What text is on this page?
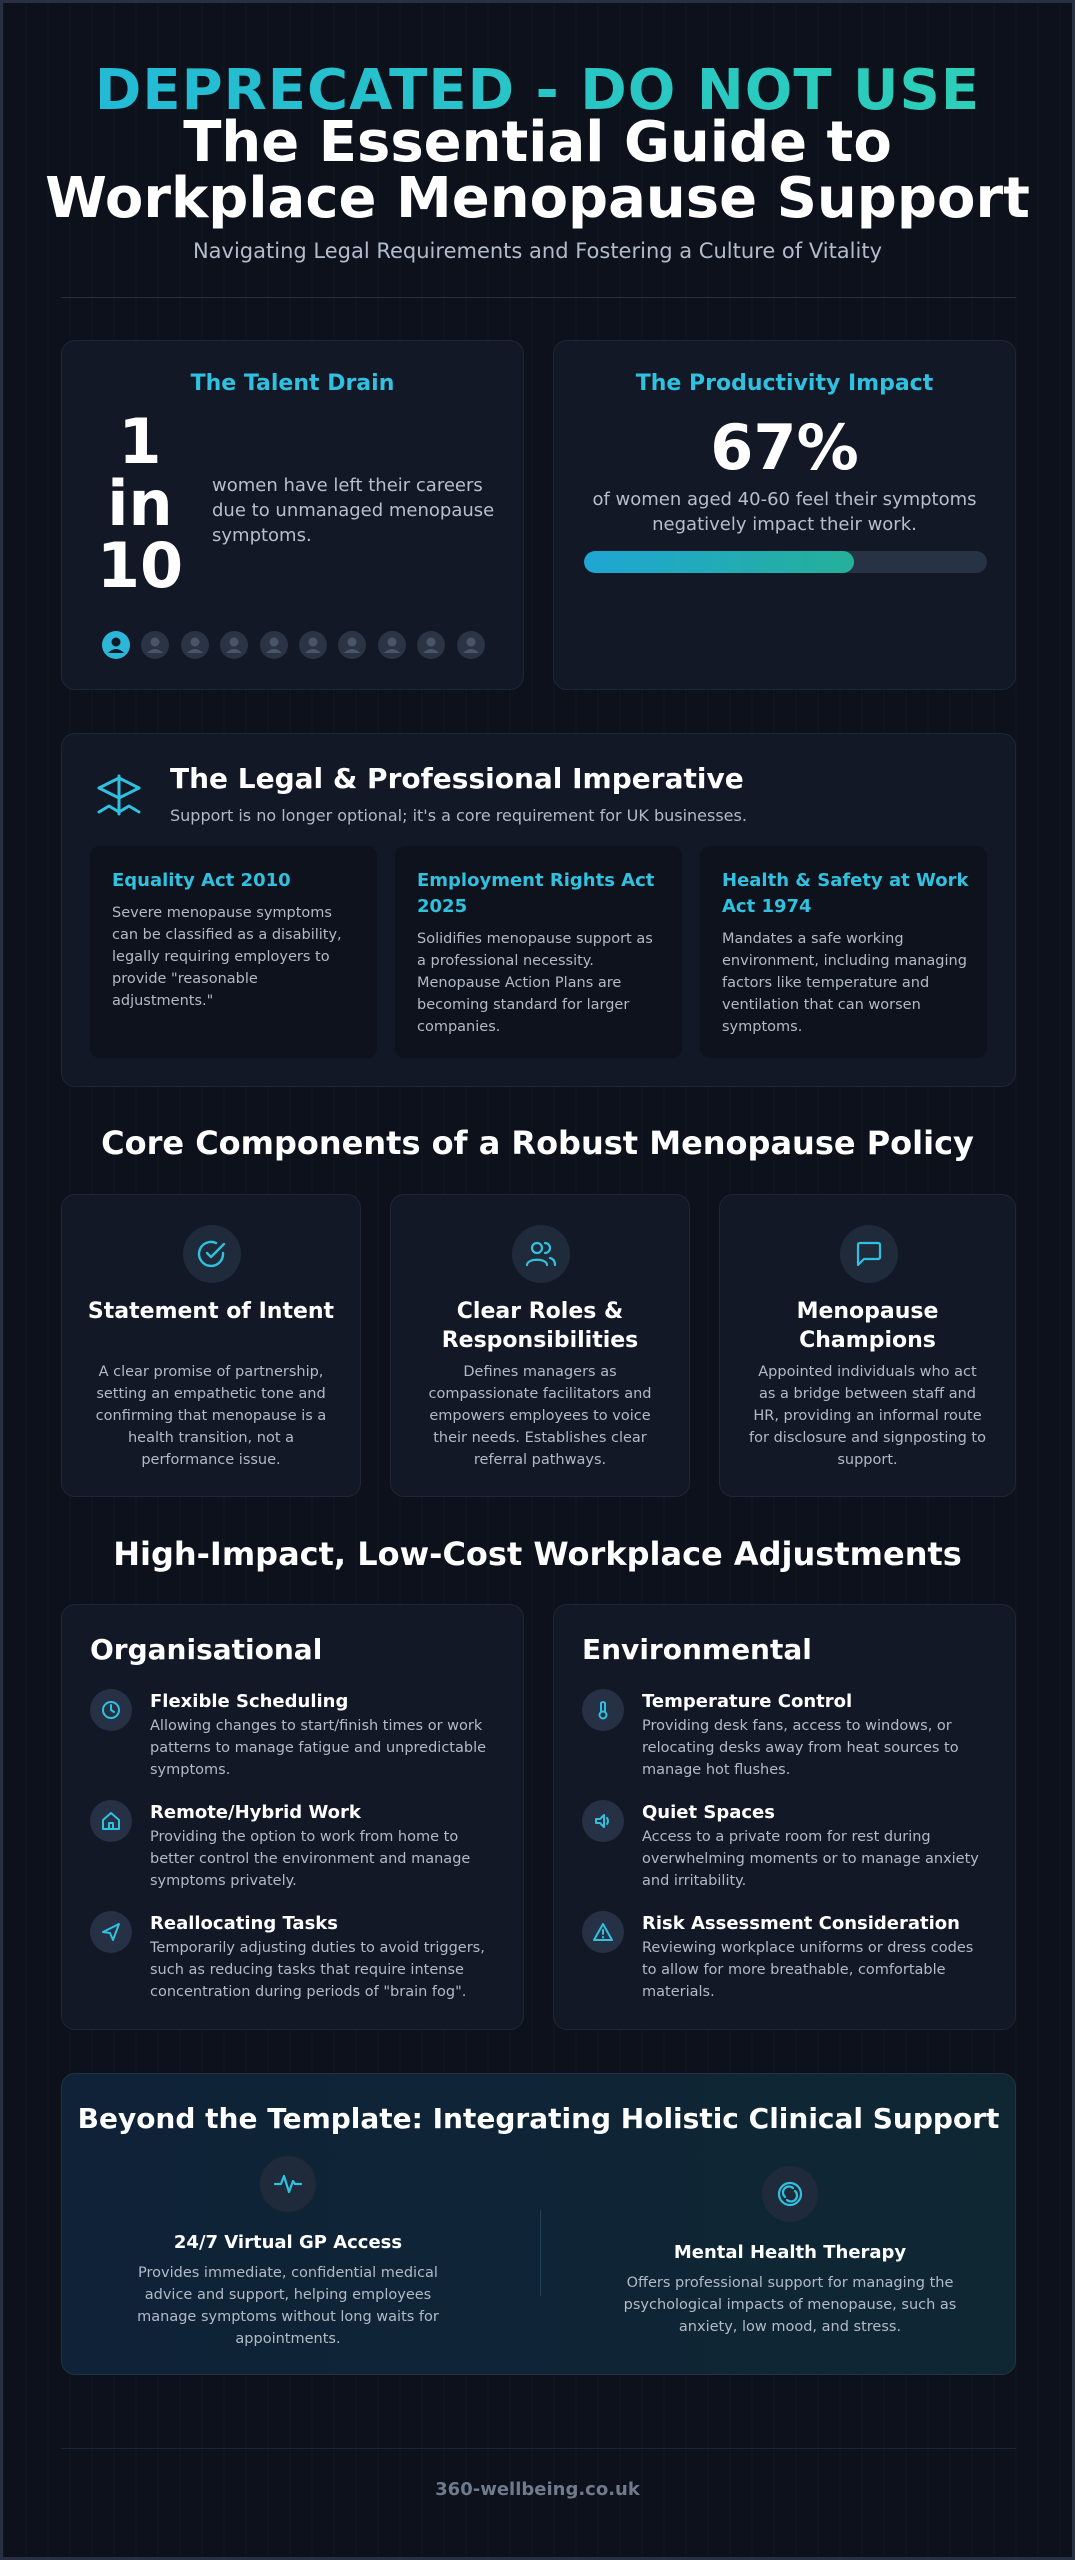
DEPRECATED - DO NOT USE
The Essential Guide to
Workplace Menopause Support
Navigating Legal Requirements and Fostering a Culture of Vitality
The Talent Drain
1
in
10
women have left their careers due to unmanaged menopause symptoms.
The Productivity Impact
67%
of women aged 40-60 feel their symptoms negatively impact their work.
The Legal & Professional Imperative
Support is no longer optional; it's a core requirement for UK businesses.
Equality Act 2010
Severe menopause symptoms can be classified as a disability, legally requiring employers to provide "reasonable adjustments."
Employment Rights Act 2025
Solidifies menopause support as a professional necessity. Menopause Action Plans are becoming standard for larger companies.
Health & Safety at Work Act 1974
Mandates a safe working environment, including managing factors like temperature and ventilation that can worsen symptoms.
Core Components of a Robust Menopause Policy
Statement of Intent
A clear promise of partnership, setting an empathetic tone and confirming that menopause is a health transition, not a performance issue.
Clear Roles & Responsibilities
Defines managers as compassionate facilitators and empowers employees to voice their needs. Establishes clear referral pathways.
Menopause Champions
Appointed individuals who act as a bridge between staff and HR, providing an informal route for disclosure and signposting to support.
High-Impact, Low-Cost Workplace Adjustments
Organisational
Flexible Scheduling
Allowing changes to start/finish times or work patterns to manage fatigue and unpredictable symptoms.
Remote/Hybrid Work
Providing the option to work from home to better control the environment and manage symptoms privately.
Reallocating Tasks
Temporarily adjusting duties to avoid triggers, such as reducing tasks that require intense concentration during periods of "brain fog".
Environmental
Temperature Control
Providing desk fans, access to windows, or relocating desks away from heat sources to manage hot flushes.
Quiet Spaces
Access to a private room for rest during overwhelming moments or to manage anxiety and irritability.
Risk Assessment Consideration
Reviewing workplace uniforms or dress codes to allow for more breathable, comfortable materials.
Beyond the Template: Integrating Holistic Clinical Support
24/7 Virtual GP Access
Provides immediate, confidential medical advice and support, helping employees manage symptoms without long waits for appointments.
Mental Health Therapy
Offers professional support for managing the psychological impacts of menopause, such as anxiety, low mood, and stress.
360-wellbeing.co.uk
